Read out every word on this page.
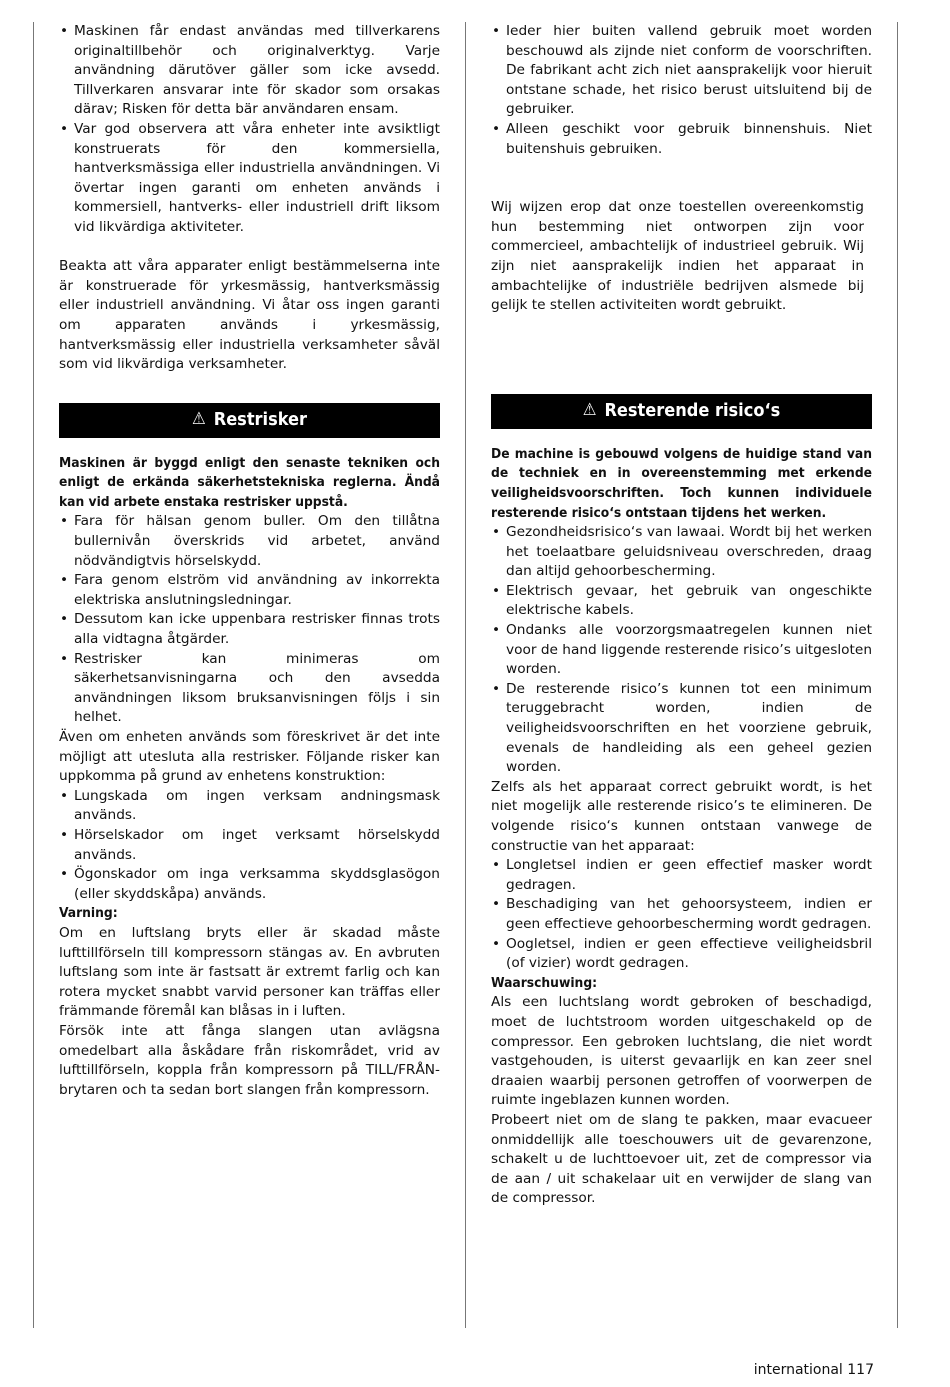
• Maskinen får endast användas med tillverkarens originaltillbehör och originalverktyg. Varje användning därutöver gäller som icke avsedd. Tillverkaren ansvarar inte för skador som orsakas därav; Risken för detta bär användaren ensam.
• Var god observera att våra enheter inte avsiktligt konstruerats för den kommersiella, hantverksmässiga eller industriella användningen. Vi övertar ingen garanti om enheten används i kommersiell, hantverks- eller industriell drift liksom vid likvärdiga aktiviteter.

Beakta att våra apparater enligt bestämmelserna inte är konstruerade för yrkesmässig, hantverksmässig eller industriell användning. Vi åtar oss ingen garanti om apparaten används i yrkesmässig, hantverksmässig eller industriella verksamheter såväl som vid likvärdiga verksamheter.

⚠ Restrisker

Maskinen är byggd enligt den senaste tekniken och enligt de erkända säkerhetstekniska reglerna. Ändå kan vid arbete enstaka restrisker uppstå.

• Fara för hälsan genom buller. Om den tillåtna bullernivån överskrids vid arbetet, använd nödvändigtvis hörselskydd.
• Fara genom elström vid användning av inkorrekta elektriska anslutningsledningar.
• Dessutom kan icke uppenbara restrisker finnas trots alla vidtagna åtgärder.
• Restrisker kan minimeras om säkerhetsanvisningarna och den avsedda användningen liksom bruksanvisningen följs i sin helhet.

Även om enheten används som föreskrivet är det inte möjligt att utesluta alla restrisker. Följande risker kan uppkomma på grund av enhetens konstruktion:

• Lungskada om ingen verksam andningsmask används.
• Hörselskador om inget verksamt hörselskydd används.
• Ögonskador om inga verksamma skyddsglasögon (eller skyddskåpa) används.

Varning:

Om en luftslang bryts eller är skadad måste lufttillförseln till kompressorn stängas av. En avbruten luftslang som inte är fastsatt är extremt farlig och kan rotera mycket snabbt varvid personer kan träffas eller främmande föremål kan blåsas in i luften.

Försök inte att fånga slangen utan avlägsna omedelbart alla åskådare från riskområdet, vrid av lufttillförseln, koppla från kompressorn på TILL/FRÅN-brytaren och ta sedan bort slangen från kompressorn.

• Ieder hier buiten vallend gebruik moet worden beschouwd als zijnde niet conform de voorschriften. De fabrikant acht zich niet aansprakelijk voor hieruit ontstane schade, het risico berust uitsluitend bij de gebruiker.
• Alleen geschikt voor gebruik binnenshuis. Niet buitenshuis gebruiken.

Wij wijzen erop dat onze toestellen overeenkomstig hun bestemming niet ontworpen zijn voor commercieel, ambachtelijk of industrieel gebruik. Wij zijn niet aansprakelijk indien het apparaat in ambachtelijke of industriële bedrijven alsmede bij gelijk te stellen activiteiten wordt gebruikt.

⚠ Resterende risico‘s

De machine is gebouwd volgens de huidige stand van de techniek en in overeenstemming met erkende veiligheidsvoorschriften. Toch kunnen individuele resterende risico‘s ontstaan tijdens het werken.

• Gezondheidsrisico‘s van lawaai. Wordt bij het werken het toelaatbare geluidsniveau overschreden, draag dan altijd gehoorbescherming.
• Elektrisch gevaar, het gebruik van ongeschikte elektrische kabels.
• Ondanks alle voorzorgsmaatregelen kunnen niet voor de hand liggende resterende risico’s uitgesloten worden.
• De resterende risico’s kunnen tot een minimum teruggebracht worden, indien de veiligheidsvoorschriften en het voorziene gebruik, evenals de handleiding als een geheel gezien worden.

Zelfs als het apparaat correct gebruikt wordt, is het niet mogelijk alle resterende risico’s te elimineren. De volgende risico‘s kunnen ontstaan vanwege de constructie van het apparaat:

• Longletsel indien er geen effectief masker wordt gedragen.
• Beschadiging van het gehoorsysteem, indien er geen effectieve gehoorbescherming wordt gedragen.
• Oogletsel, indien er geen effectieve veiligheidsbril (of vizier) wordt gedragen.

Waarschuwing:

Als een luchtslang wordt gebroken of beschadigd, moet de luchtstroom worden uitgeschakeld op de compressor. Een gebroken luchtslang, die niet wordt vastgehouden, is uiterst gevaarlijk en kan zeer snel draaien waarbij personen getroffen of voorwerpen de ruimte ingeblazen kunnen worden.

Probeert niet om de slang te pakken, maar evacueer onmiddellijk alle toeschouwers uit de gevarenzone, schakelt u de luchttoevoer uit, zet de compressor via de aan / uit schakelaar uit en verwijder de slang van de compressor.

international 117
